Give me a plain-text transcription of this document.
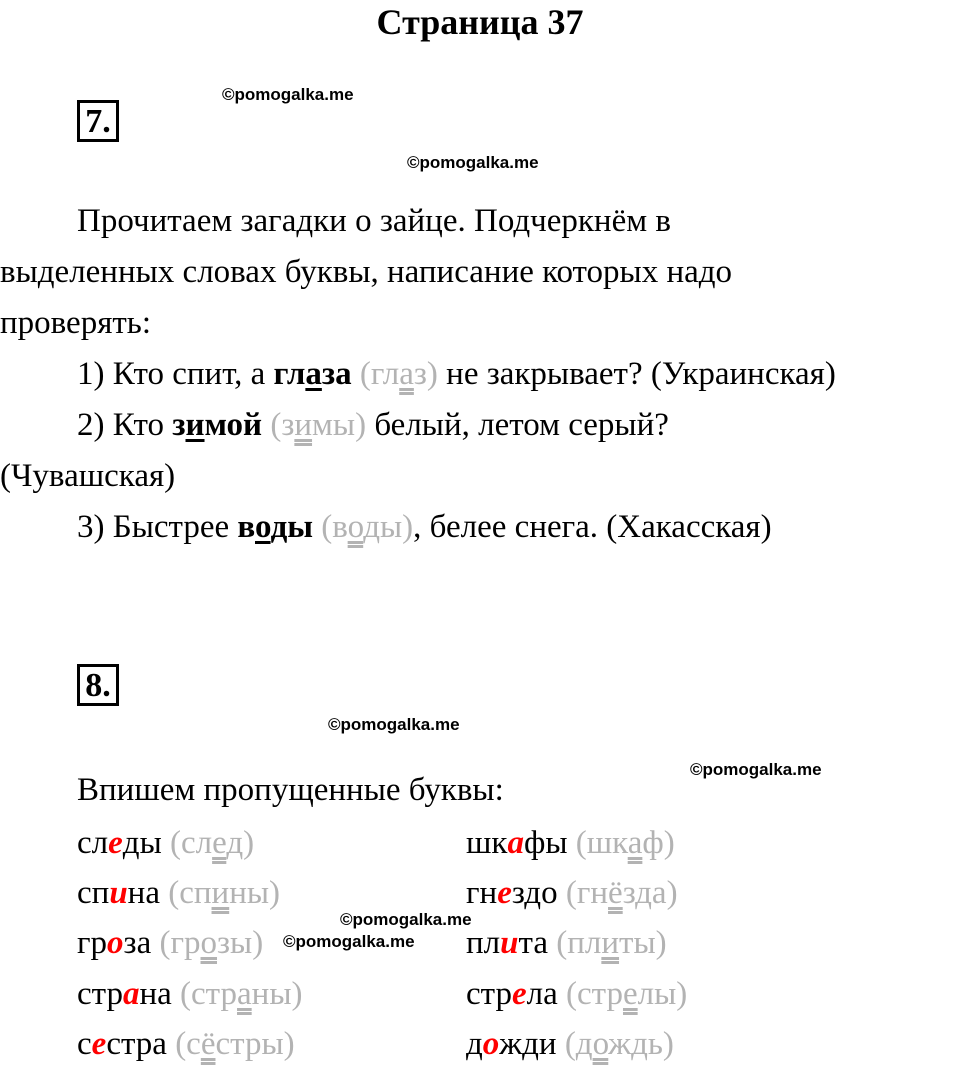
Страница 37
7.
©pomogalka.me
©pomogalka.me
Прочитаем загадки о зайце. Подчеркнём в
выделенных словах буквы, написание которых надо
проверять:
1) Кто спит, а глаза (глаз) не закрывает? (Украинская)
2) Кто зимой (зимы) белый, летом серый?
(Чувашская)
3) Быстрее воды (воды), белее снега. (Хакасская)
8.
©pomogalka.me
©pomogalka.me
Впишем пропущенные буквы:
©pomogalka.me
©pomogalka.me
следы (след)
спина (спины)
гроза (грозы)
страна (страны)
сестра (сёстры)
шкафы (шкаф)
гнездо (гнёзда)
плита (плиты)
стрела (стрелы)
дожди (дождь)
